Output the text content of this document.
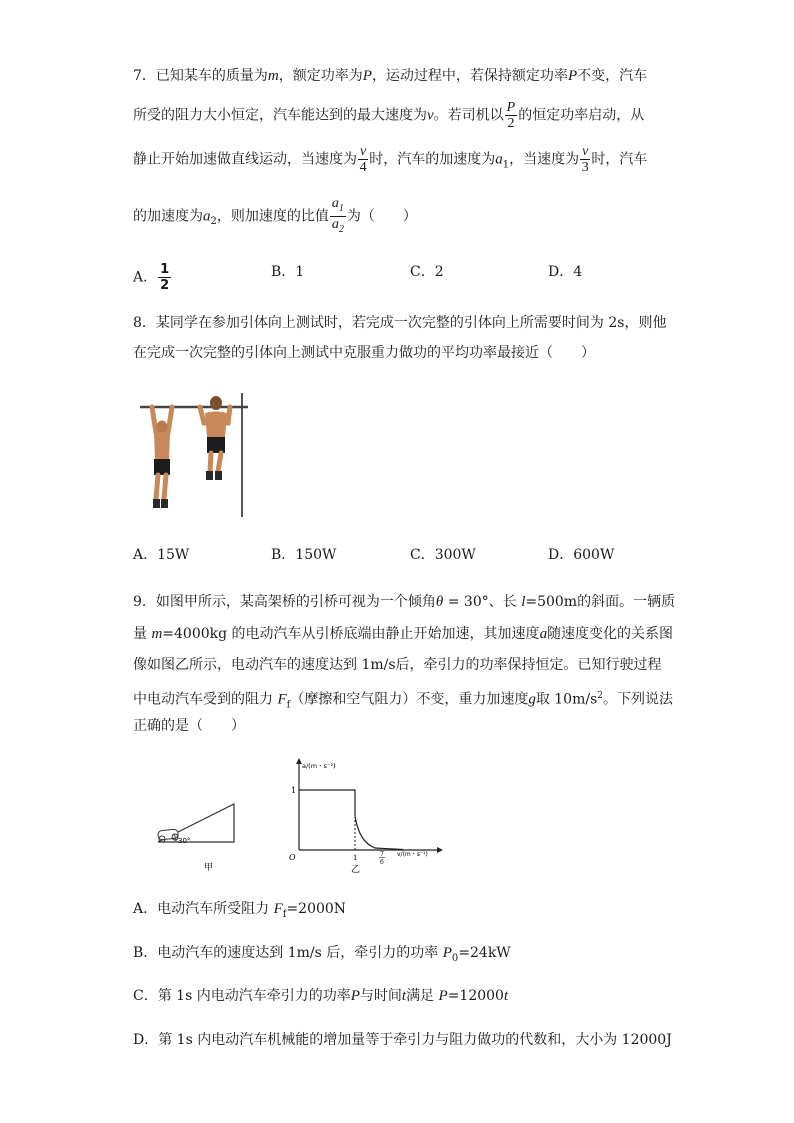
7．已知某车的质量为m，额定功率为P，运动过程中，若保持额定功率P不变，汽车
所受的阻力大小恒定，汽车能达到的最大速度为v。若司机以 $\frac{P}{2}$ 的恒定功率启动，从
静止开始加速做直线运动，当速度为 $\frac{v}{4}$ 时，汽车的加速度为$a_1$，当速度为 $\frac{v}{3}$ 时，汽车
的加速度为$a_2$，则加速度的比值 $\frac{a_1}{a_2}$ 为（　　）
A． $\frac{1}{2}$	B．1	C．2	D．4
8．某同学在参加引体向上测试时，若完成一次完整的引体向上所需要时间为 2s，则他
在完成一次完整的引体向上测试中克服重力做功的平均功率最接近（　　）
A．15W	B．150W	C．300W	D．600W
9．如图甲所示，某高架桥的引桥可视为一个倾角θ = 30°、长 l=500m的斜面。一辆质
量 m=4000kg 的电动汽车从引桥底端由静止开始加速，其加速度a随速度变化的关系图
像如图乙所示，电动汽车的速度达到 1m/s后，牵引力的功率保持恒定。已知行驶过程
中电动汽车受到的阻力 $F_f$（摩擦和空气阻力）不变，重力加速度g取 $10m/s^2$。下列说法
正确的是（　　）
30°
甲
a/(m・s⁻²)
1
O	1	7
6
v/(m・s⁻¹)
乙
A．电动汽车所受阻力 $F_f=2000N$
B．电动汽车的速度达到 1m/s 后，牵引力的功率 $P_0=24kW$
C．第 1s 内电动汽车牵引力的功率P与时间t满足 P=12000t
D．第 1s 内电动汽车机械能的增加量等于牵引力与阻力做功的代数和，大小为 12000J
